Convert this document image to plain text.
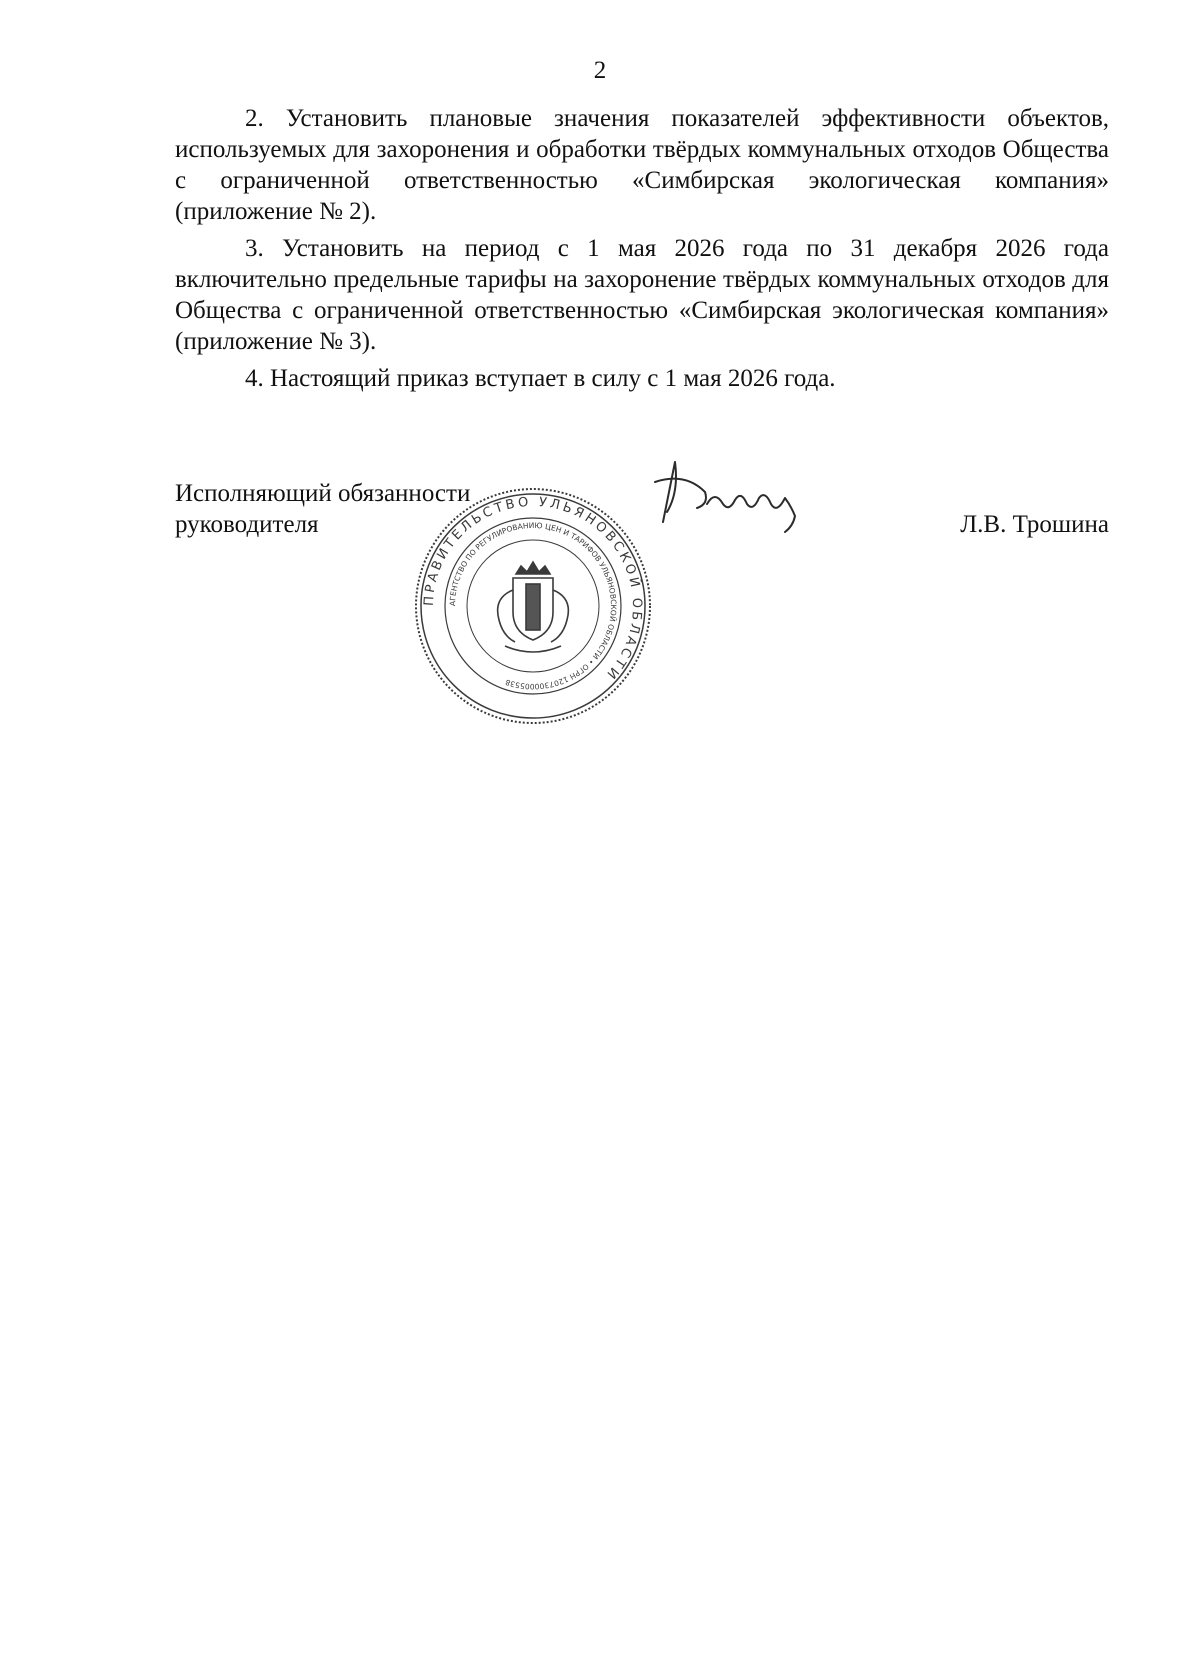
2

2. Установить плановые значения показателей эффективности объектов, используемых для захоронения и обработки твёрдых коммунальных отходов Общества с ограниченной ответственностью «Симбирская экологическая компания» (приложение № 2).

3. Установить на период с 1 мая 2026 года по 31 декабря 2026 года включительно предельные тарифы на захоронение твёрдых коммунальных отходов для Общества с ограниченной ответственностью «Симбирская экологическая компания» (приложение № 3).

4. Настоящий приказ вступает в силу с 1 мая 2026 года.

Исполняющий обязанности
руководителя
ПРАВИТЕЛЬСТВО УЛЬЯНОВСКОЙ ОБЛАСТИ
АГЕНТСТВО ПО РЕГУЛИРОВАНИЮ ЦЕН И ТАРИФОВ УЛЬЯНОВСКОЙ ОБЛАСТИ • ОГРН 1207300005538
Л.В. Трошина
